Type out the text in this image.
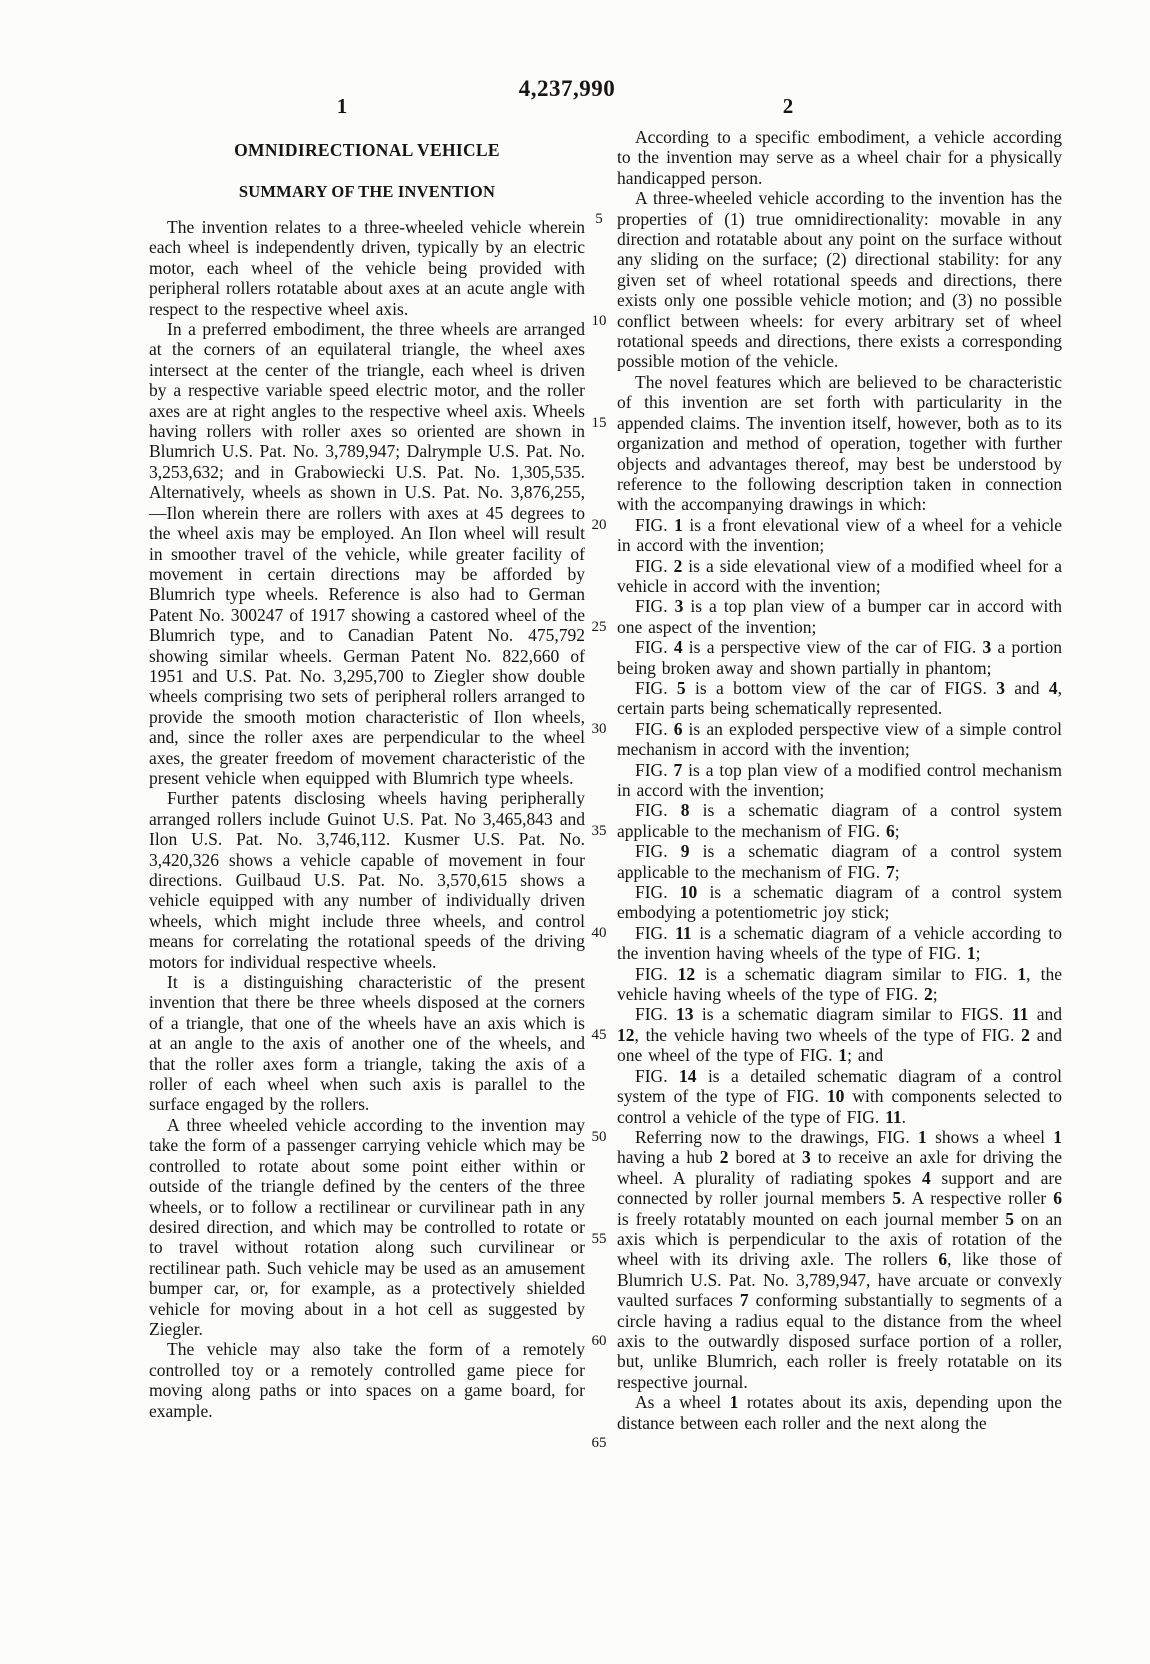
4,237,990
1	2
OMNIDIRECTIONAL VEHICLE
SUMMARY OF THE INVENTION

The invention relates to a three-wheeled vehicle wherein each wheel is independently driven, typically by an electric motor, each wheel of the vehicle being provided with peripheral rollers rotatable about axes at an acute angle with respect to the respective wheel axis.

In a preferred embodiment, the three wheels are arranged at the corners of an equilateral triangle, the wheel axes intersect at the center of the triangle, each wheel is driven by a respective variable speed electric motor, and the roller axes are at right angles to the respective wheel axis. Wheels having rollers with roller axes so oriented are shown in Blumrich U.S. Pat. No. 3,789,947; Dalrymple U.S. Pat. No. 3,253,632; and in Grabowiecki U.S. Pat. No. 1,305,535. Alternatively, wheels as shown in U.S. Pat. No. 3,876,255,—Ilon wherein there are rollers with axes at 45 degrees to the wheel axis may be employed. An Ilon wheel will result in smoother travel of the vehicle, while greater facility of movement in certain directions may be afforded by Blumrich type wheels. Reference is also had to German Patent No. 300247 of 1917 showing a castored wheel of the Blumrich type, and to Canadian Patent No. 475,792 showing similar wheels. German Patent No. 822,660 of 1951 and U.S. Pat. No. 3,295,700 to Ziegler show double wheels comprising two sets of peripheral rollers arranged to provide the smooth motion characteristic of Ilon wheels, and, since the roller axes are perpendicular to the wheel axes, the greater freedom of movement characteristic of the present vehicle when equipped with Blumrich type wheels.

Further patents disclosing wheels having peripherally arranged rollers include Guinot U.S. Pat. No 3,465,843 and Ilon U.S. Pat. No. 3,746,112. Kusmer U.S. Pat. No. 3,420,326 shows a vehicle capable of movement in four directions. Guilbaud U.S. Pat. No. 3,570,615 shows a vehicle equipped with any number of individually driven wheels, which might include three wheels, and control means for correlating the rotational speeds of the driving motors for individual respective wheels.

It is a distinguishing characteristic of the present invention that there be three wheels disposed at the corners of a triangle, that one of the wheels have an axis which is at an angle to the axis of another one of the wheels, and that the roller axes form a triangle, taking the axis of a roller of each wheel when such axis is parallel to the surface engaged by the rollers.

A three wheeled vehicle according to the invention may take the form of a passenger carrying vehicle which may be controlled to rotate about some point either within or outside of the triangle defined by the centers of the three wheels, or to follow a rectilinear or curvilinear path in any desired direction, and which may be controlled to rotate or to travel without rotation along such curvilinear or rectilinear path. Such vehicle may be used as an amusement bumper car, or, for example, as a protectively shielded vehicle for moving about in a hot cell as suggested by Ziegler.

The vehicle may also take the form of a remotely controlled toy or a remotely controlled game piece for moving along paths or into spaces on a game board, for example.

According to a specific embodiment, a vehicle according to the invention may serve as a wheel chair for a physically handicapped person.

A three-wheeled vehicle according to the invention has the properties of (1) true omnidirectionality: movable in any direction and rotatable about any point on the surface without any sliding on the surface; (2) directional stability: for any given set of wheel rotational speeds and directions, there exists only one possible vehicle motion; and (3) no possible conflict between wheels: for every arbitrary set of wheel rotational speeds and directions, there exists a corresponding possible motion of the vehicle.

The novel features which are believed to be characteristic of this invention are set forth with particularity in the appended claims. The invention itself, however, both as to its organization and method of operation, together with further objects and advantages thereof, may best be understood by reference to the following description taken in connection with the accompanying drawings in which:

FIG. 1 is a front elevational view of a wheel for a vehicle in accord with the invention;

FIG. 2 is a side elevational view of a modified wheel for a vehicle in accord with the invention;

FIG. 3 is a top plan view of a bumper car in accord with one aspect of the invention;

FIG. 4 is a perspective view of the car of FIG. 3 a portion being broken away and shown partially in phantom;

FIG. 5 is a bottom view of the car of FIGS. 3 and 4, certain parts being schematically represented.

FIG. 6 is an exploded perspective view of a simple control mechanism in accord with the invention;

FIG. 7 is a top plan view of a modified control mechanism in accord with the invention;

FIG. 8 is a schematic diagram of a control system applicable to the mechanism of FIG. 6;

FIG. 9 is a schematic diagram of a control system applicable to the mechanism of FIG. 7;

FIG. 10 is a schematic diagram of a control system embodying a potentiometric joy stick;

FIG. 11 is a schematic diagram of a vehicle according to the invention having wheels of the type of FIG. 1;

FIG. 12 is a schematic diagram similar to FIG. 1, the vehicle having wheels of the type of FIG. 2;

FIG. 13 is a schematic diagram similar to FIGS. 11 and 12, the vehicle having two wheels of the type of FIG. 2 and one wheel of the type of FIG. 1; and

FIG. 14 is a detailed schematic diagram of a control system of the type of FIG. 10 with components selected to control a vehicle of the type of FIG. 11.

Referring now to the drawings, FIG. 1 shows a wheel 1 having a hub 2 bored at 3 to receive an axle for driving the wheel. A plurality of radiating spokes 4 support and are connected by roller journal members 5. A respective roller 6 is freely rotatably mounted on each journal member 5 on an axis which is perpendicular to the axis of rotation of the wheel with its driving axle. The rollers 6, like those of Blumrich U.S. Pat. No. 3,789,947, have arcuate or convexly vaulted surfaces 7 conforming substantially to segments of a circle having a radius equal to the distance from the wheel axis to the outwardly disposed surface portion of a roller, but, unlike Blumrich, each roller is freely rotatable on its respective journal.

As a wheel 1 rotates about its axis, depending upon the distance between each roller and the next along the

5
10
15
20
25
30
35
40
45
50
55
60
65
